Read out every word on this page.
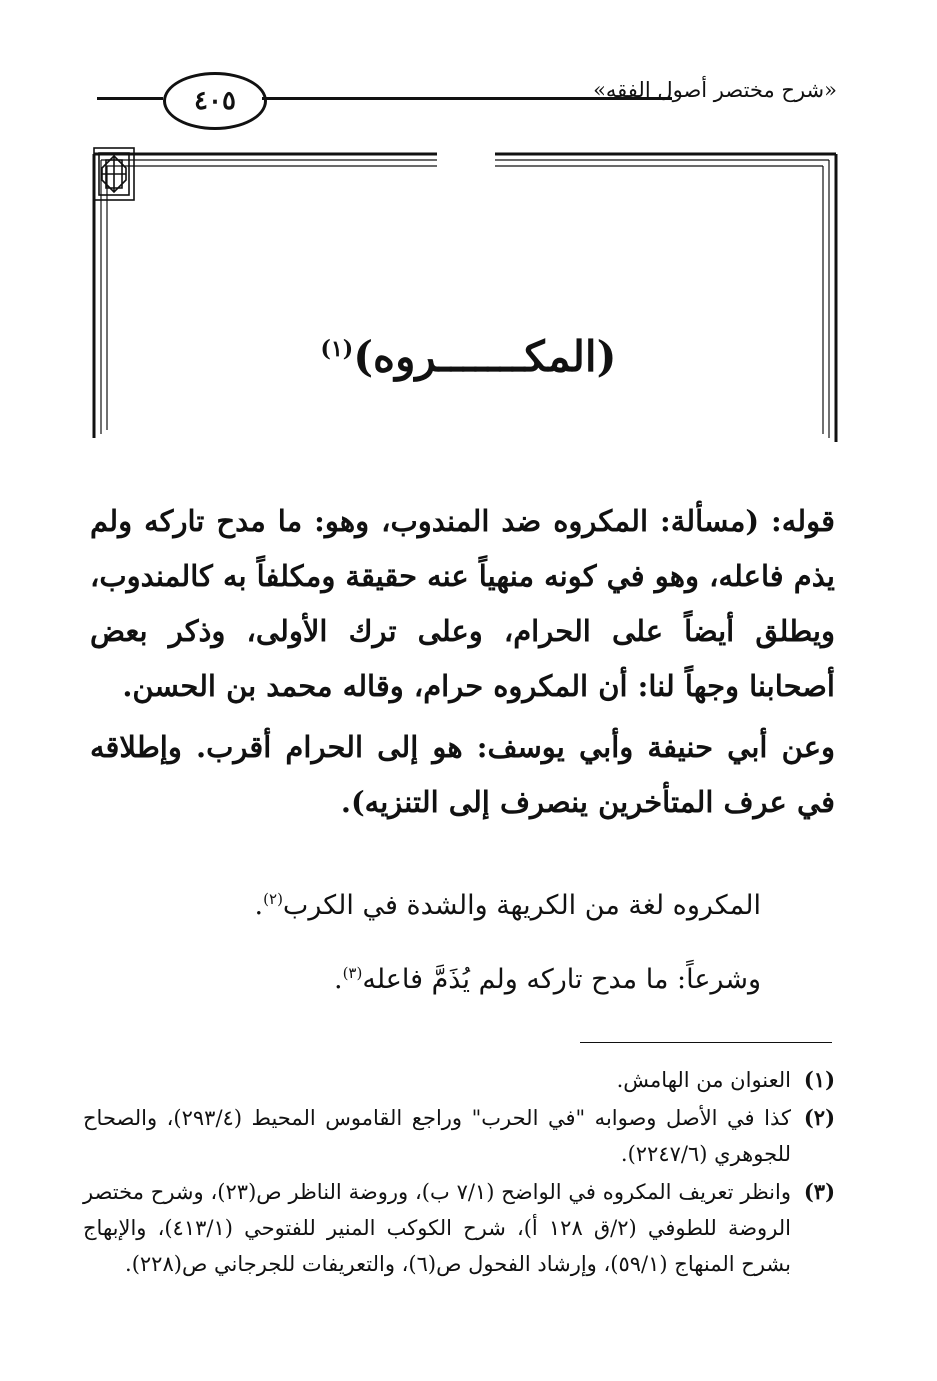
«شرح مختصر أصول الفقه»
٤٠٥
(المكـــــــروه)$^{(١)}$
قوله: (مسألة: المكروه ضد المندوب، وهو: ما مدح تاركه ولم يذم فاعله، وهو في كونه منهياً عنه حقيقة ومكلفاً به كالمندوب، ويطلق أيضاً على الحرام، وعلى ترك الأولى، وذكر بعض أصحابنا وجهاً لنا: أن المكروه حرام، وقاله محمد بن الحسن.
وعن أبي حنيفة وأبي يوسف: هو إلى الحرام أقرب. وإطلاقه في عرف المتأخرين ينصرف إلى التنزيه).
المكروه لغة من الكريهة والشدة في الكرب$^{(٢)}$.
وشرعاً: ما مدح تاركه ولم يُذَمَّ فاعله$^{(٣)}$.
(١)
العنوان من الهامش.
(٢)
كذا في الأصل وصوابه "في الحرب" وراجع القاموس المحيط (٢٩٣/٤)، والصحاح للجوهري (٢٢٤٧/٦).
(٣)
وانظر تعريف المكروه في الواضح (٧/١ ب)، وروضة الناظر ص(٢٣)، وشرح مختصر الروضة للطوفي (٢/ق ١٢٨ أ)، شرح الكوكب المنير للفتوحي (٤١٣/١)، والإبهاج بشرح المنهاج (٥٩/١)، وإرشاد الفحول ص(٦)، والتعريفات للجرجاني ص(٢٢٨).
